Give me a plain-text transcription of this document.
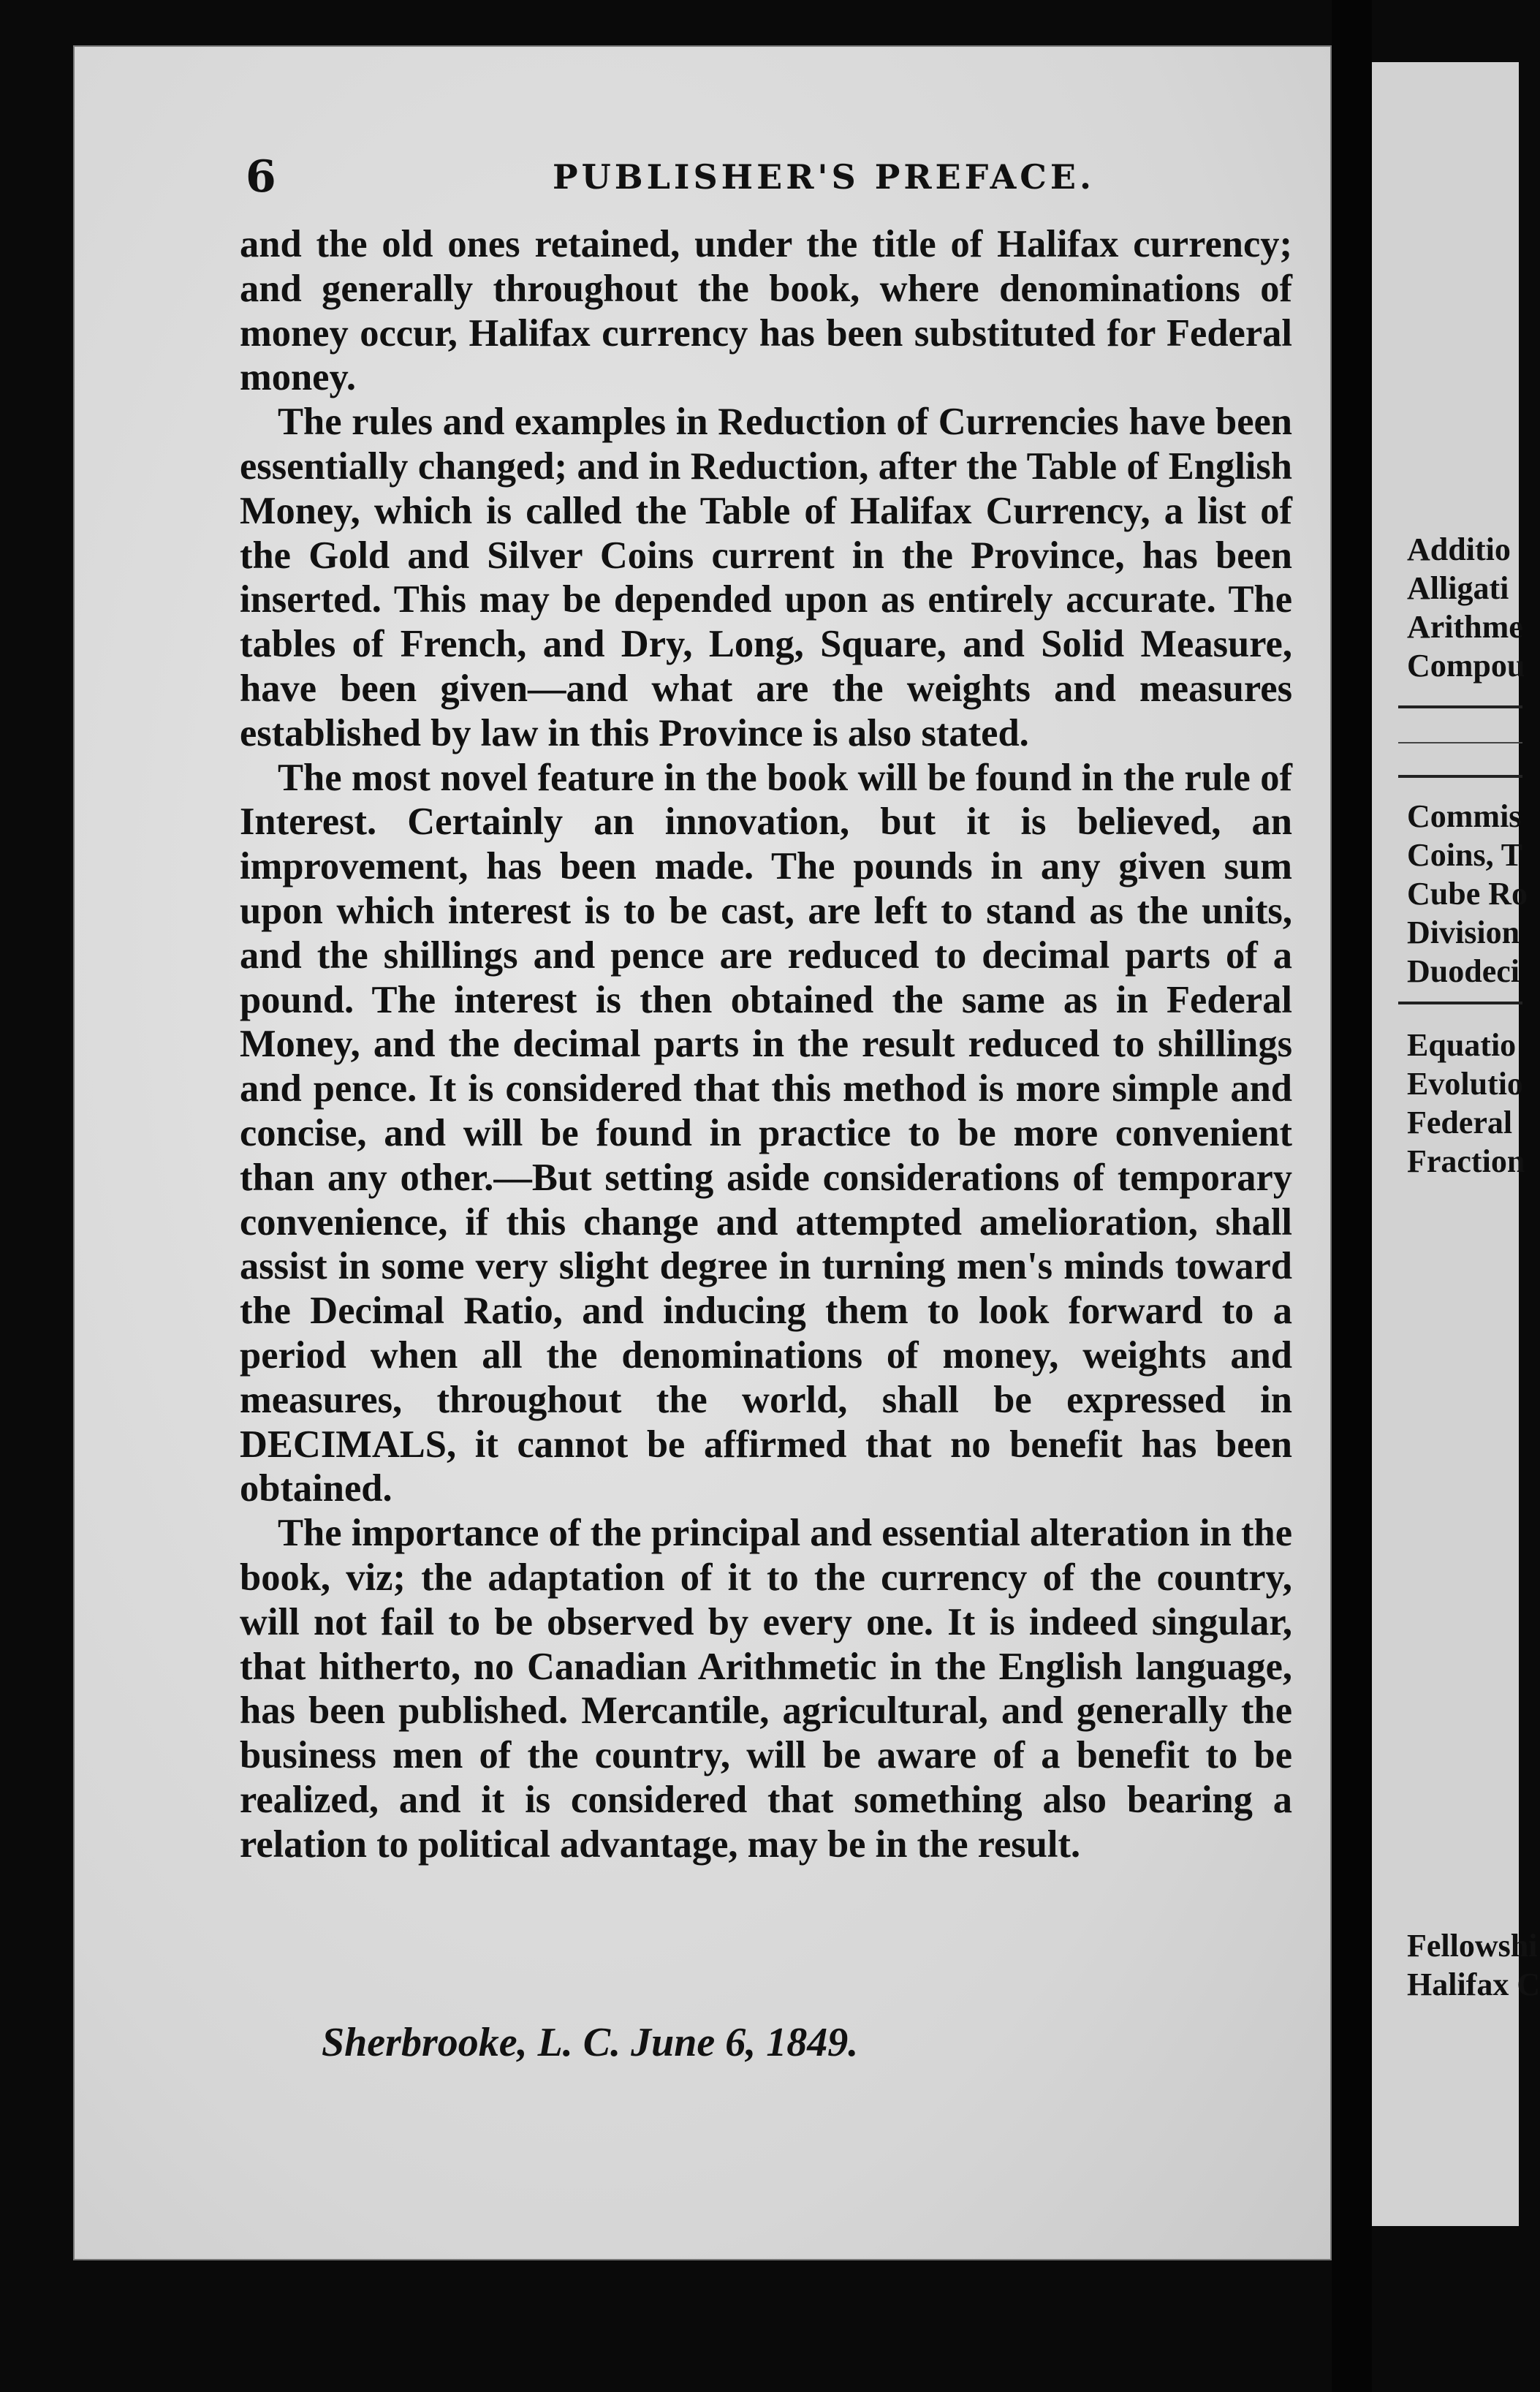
6	PUBLISHER'S PREFACE.

and the old ones retained, under the title of Halifax currency; and generally throughout the book, where denominations of money occur, Halifax currency has been substituted for Federal money.

The rules and examples in Reduction of Currencies have been essentially changed; and in Reduction, after the Table of English Money, which is called the Table of Halifax Currency, a list of the Gold and Silver Coins current in the Province, has been inserted. This may be depended upon as entirely accurate. The tables of French, and Dry, Long, Square, and Solid Measure, have been given—and what are the weights and measures established by law in this Province is also stated.

The most novel feature in the book will be found in the rule of Interest. Certainly an innovation, but it is believed, an improvement, has been made. The pounds in any given sum upon which interest is to be cast, are left to stand as the units, and the shillings and pence are reduced to decimal parts of a pound. The interest is then obtained the same as in Federal Money, and the decimal parts in the result reduced to shillings and pence. It is considered that this method is more simple and concise, and will be found in practice to be more convenient than any other.—But setting aside considerations of temporary convenience, if this change and attempted amelioration, shall assist in some very slight degree in turning men's minds toward the Decimal Ratio, and inducing them to look forward to a period when all the denominations of money, weights and measures, throughout the world, shall be expressed in DECIMALS, it cannot be affirmed that no benefit has been obtained.

The importance of the principal and essential alteration in the book, viz; the adaptation of it to the currency of the country, will not fail to be observed by every one. It is indeed singular, that hitherto, no Canadian Arithmetic in the English language, has been published. Mercantile, agricultural, and generally the business men of the country, will be aware of a benefit to be realized, and it is considered that something also bearing a relation to political advantage, may be in the result.

Sherbrooke, L. C. June 6, 1849.
Additio
Alligati
Arithme
Compou
Commis
Coins, T
Cube Ro
Division
Duodeci
Equatio
Evolutio
Federal
Fraction
Fellowshi
Halifax C
